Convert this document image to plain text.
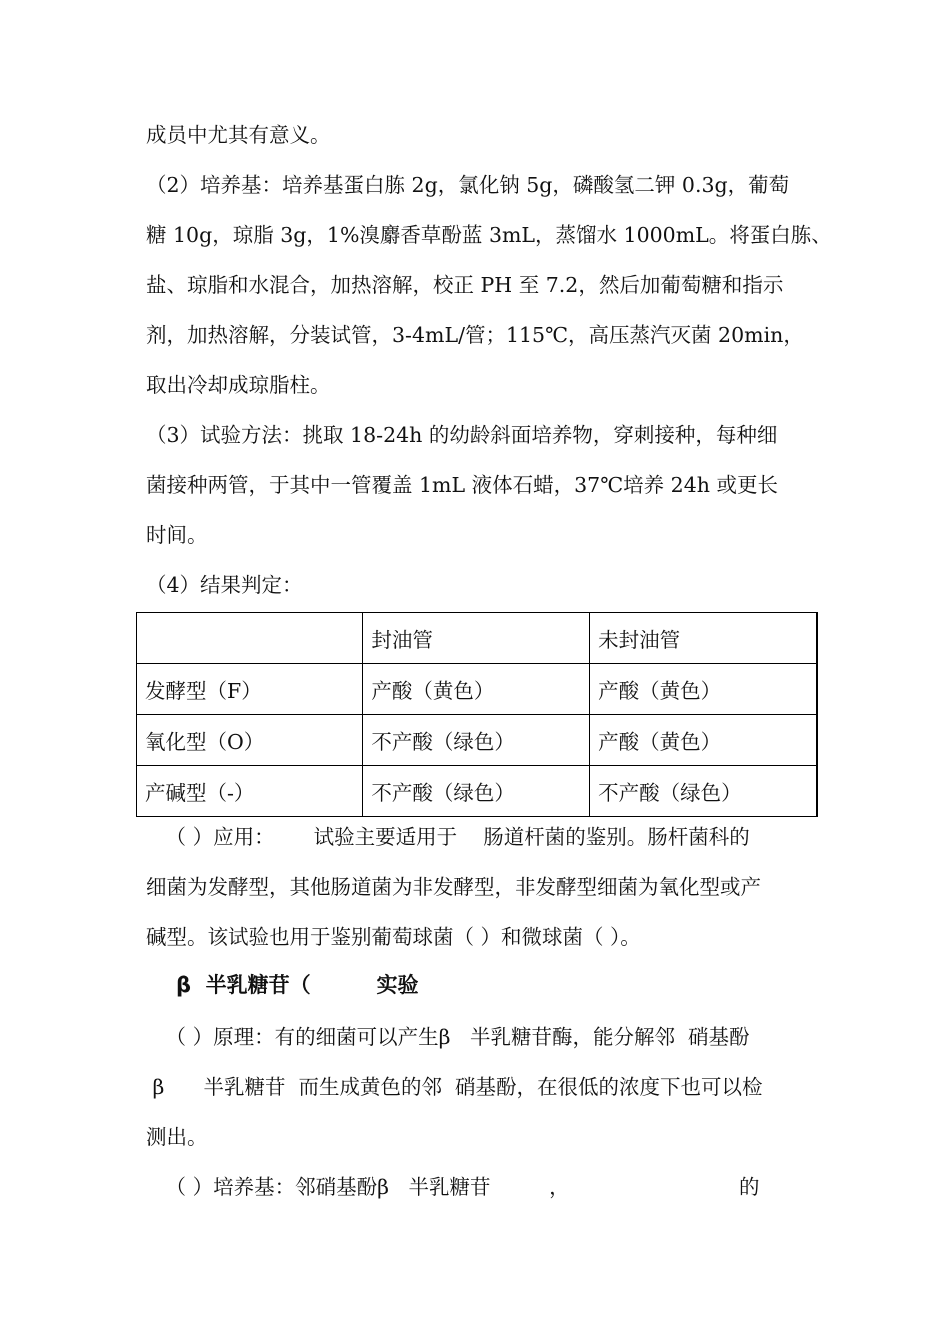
成员中尤其有意义。
（2）培养基：培养基蛋白胨 2g，氯化钠 5g，磷酸氢二钾 0.3g，葡萄
糖 10g，琼脂 3g，1%溴麝香草酚蓝 3mL，蒸馏水 1000mL。将蛋白胨、
盐、琼脂和水混合，加热溶解，校正 PH 至 7.2，然后加葡萄糖和指示
剂，加热溶解，分装试管，3-4mL/管；115℃，高压蒸汽灭菌 20min，
取出冷却成琼脂柱。
（3）试验方法：挑取 18-24h 的幼龄斜面培养物，穿刺接种，每种细
菌接种两管，于其中一管覆盖 1mL 液体石蜡，37℃培养 24h 或更长
时间。
（4）结果判定：
	封油管	未封油管
发酵型（F）	产酸（黄色）	产酸（黄色）
氧化型（O）	不产酸（绿色）	产酸（黄色）
产碱型（-）	不产酸（绿色）	不产酸（绿色）
（ ）应用：      试验主要适用于    肠道杆菌的鉴别。肠杆菌科的
细菌为发酵型，其他肠道菌为非发酵型，非发酵型细菌为氧化型或产
碱型。该试验也用于鉴别葡萄球菌（ ）和微球菌（ ）。
β  半乳糖苷（         实验
（ ）原理：有的细菌可以产生β   半乳糖苷酶，能分解邻  硝基酚
β      半乳糖苷  而生成黄色的邻  硝基酚，在很低的浓度下也可以检
测出。
（ ）培养基：邻硝基酚β   半乳糖苷         ，                          的
